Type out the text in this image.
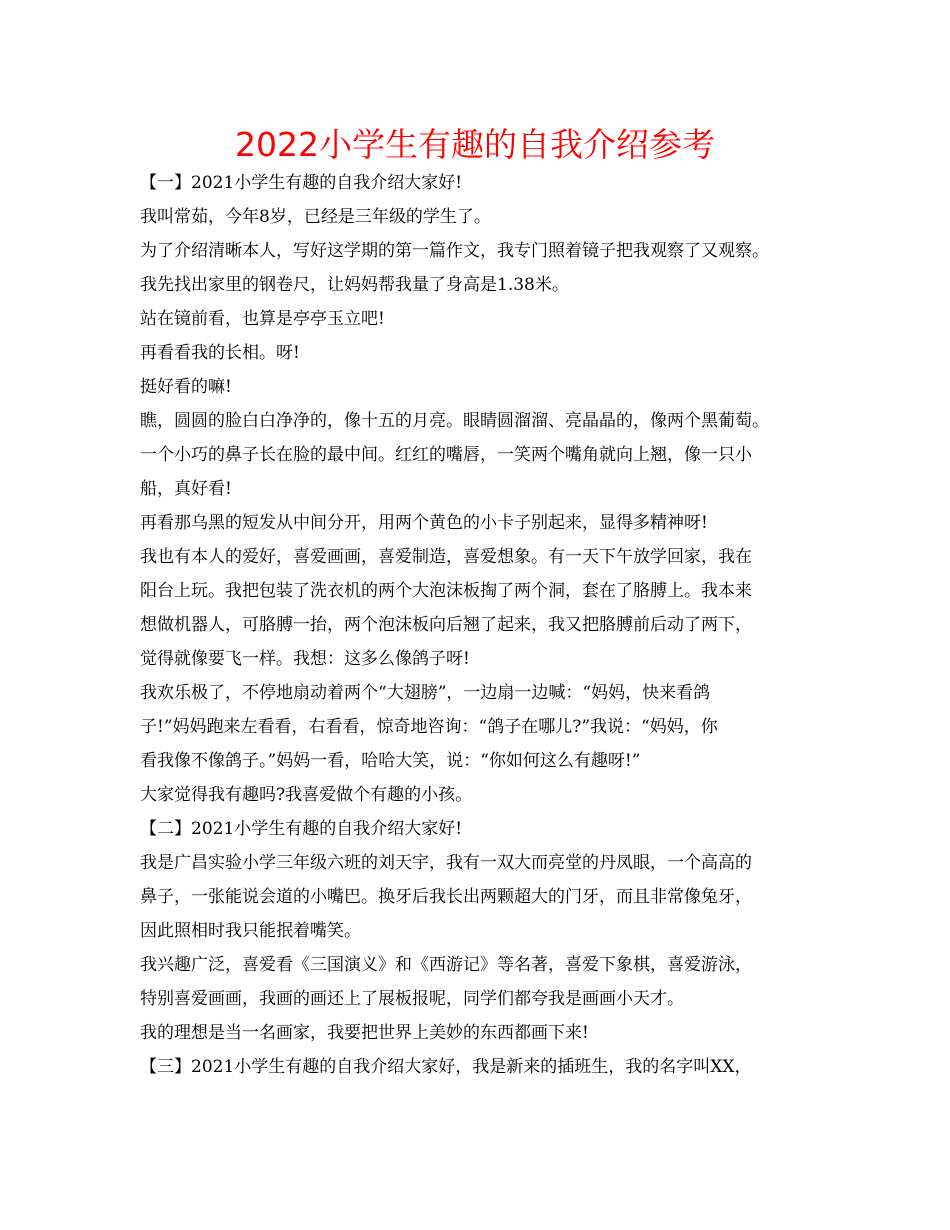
2022小学生有趣的自我介绍参考
【一】2021小学生有趣的自我介绍大家好!
我叫常茹，今年8岁，已经是三年级的学生了。
为了介绍清晰本人，写好这学期的第一篇作文，我专门照着镜子把我观察了又观察。
我先找出家里的钢卷尺，让妈妈帮我量了身高是1.38米。
站在镜前看，也算是亭亭玉立吧!
再看看我的长相。呀!
挺好看的嘛!
瞧，圆圆的脸白白净净的，像十五的月亮。眼睛圆溜溜、亮晶晶的，像两个黑葡萄。
一个小巧的鼻子长在脸的最中间。红红的嘴唇，一笑两个嘴角就向上翘，像一只小
船，真好看!
再看那乌黑的短发从中间分开，用两个黄色的小卡子别起来，显得多精神呀!
我也有本人的爱好，喜爱画画，喜爱制造，喜爱想象。有一天下午放学回家，我在
阳台上玩。我把包装了洗衣机的两个大泡沫板掏了两个洞，套在了胳膊上。我本来
想做机器人，可胳膊一抬，两个泡沫板向后翘了起来，我又把胳膊前后动了两下，
觉得就像要飞一样。我想：这多么像鸽子呀!
我欢乐极了，不停地扇动着两个“大翅膀”，一边扇一边喊：“妈妈，快来看鸽
子!”妈妈跑来左看看，右看看，惊奇地咨询：“鸽子在哪儿?”我说：“妈妈，你
看我像不像鸽子。”妈妈一看，哈哈大笑，说：“你如何这么有趣呀!”
大家觉得我有趣吗?我喜爱做个有趣的小孩。
【二】2021小学生有趣的自我介绍大家好!
我是广昌实验小学三年级六班的刘天宇，我有一双大而亮堂的丹凤眼，一个高高的
鼻子，一张能说会道的小嘴巴。换牙后我长出两颗超大的门牙，而且非常像兔牙，
因此照相时我只能抿着嘴笑。
我兴趣广泛，喜爱看《三国演义》和《西游记》等名著，喜爱下象棋，喜爱游泳，
特别喜爱画画，我画的画还上了展板报呢，同学们都夸我是画画小天才。
我的理想是当一名画家，我要把世界上美妙的东西都画下来!
【三】2021小学生有趣的自我介绍大家好，我是新来的插班生，我的名字叫XX，
